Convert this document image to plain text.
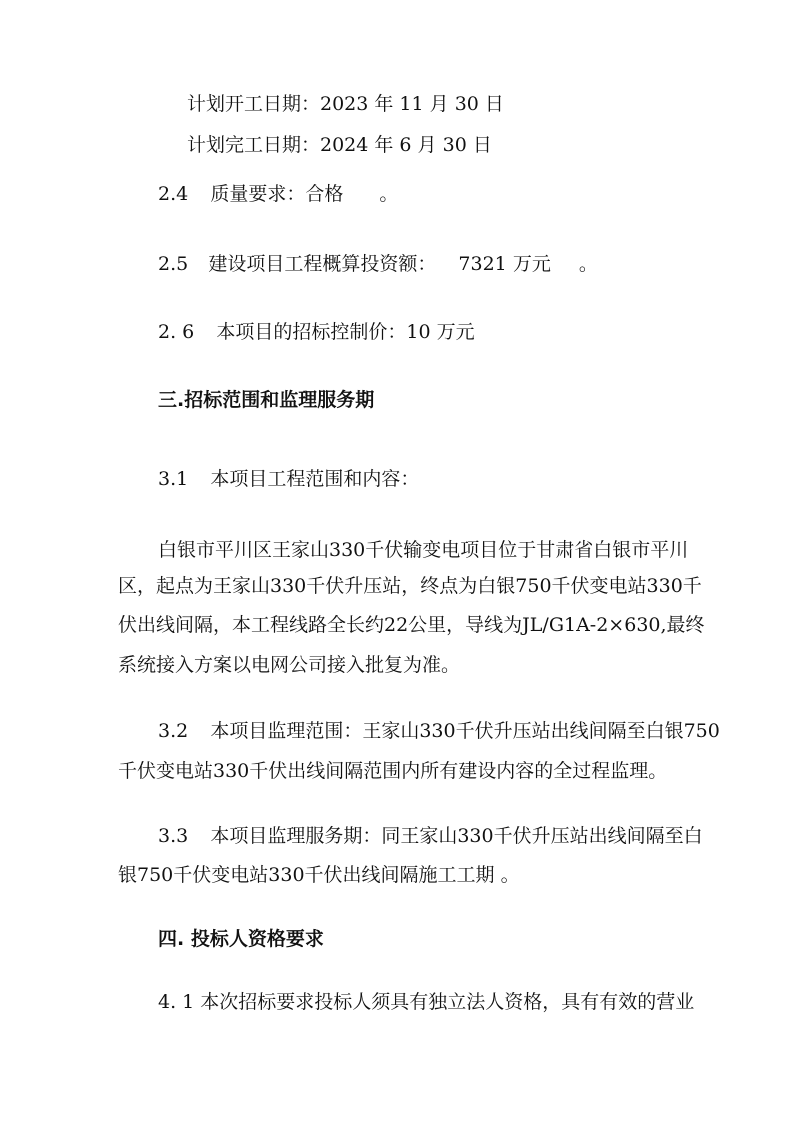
计划开工日期：2023 年 11 月 30 日
计划完工日期：2024 年 6 月 30 日
2.4 质量要求：合格 。
2.5 建设项目工程概算投资额： 7321 万元 。
2. 6 本项目的招标控制价：10 万元
三.招标范围和监理服务期
3.1 本项目工程范围和内容：
白银市平川区王家山330千伏输变电项目位于甘肃省白银市平川
区，起点为王家山330千伏升压站，终点为白银750千伏变电站330千
伏出线间隔，本工程线路全长约22公里，导线为JL/G1A-2×630,最终
系统接入方案以电网公司接入批复为准。
3.2 本项目监理范围：王家山330千伏升压站出线间隔至白银750
千伏变电站330千伏出线间隔范围内所有建设内容的全过程监理。
3.3 本项目监理服务期：同王家山330千伏升压站出线间隔至白
银750千伏变电站330千伏出线间隔施工工期 。
四. 投标人资格要求
4. 1 本次招标要求投标人须具有独立法人资格，具有有效的营业
